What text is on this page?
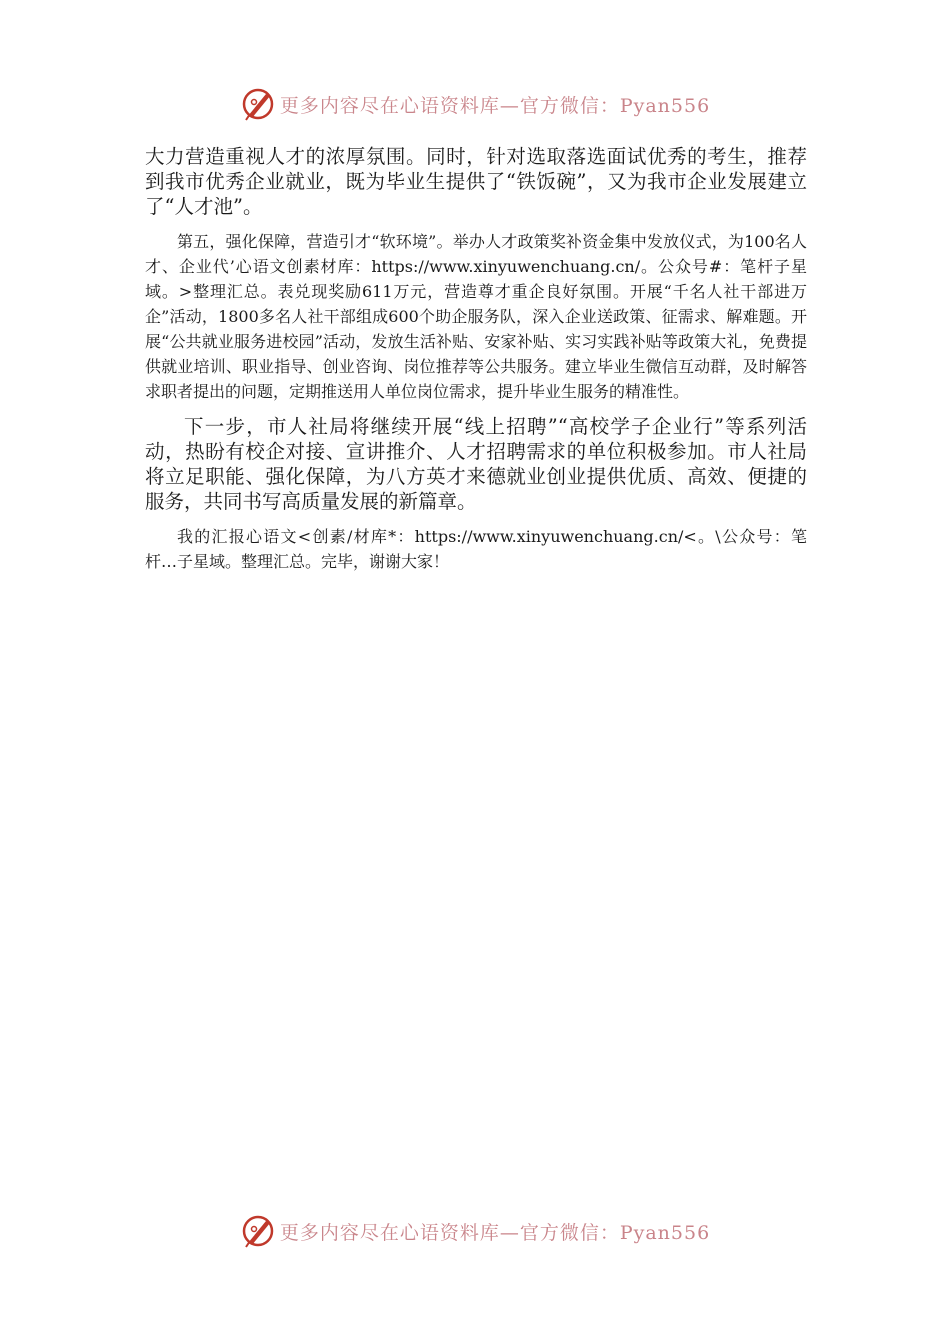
更多内容尽在心语资料库—官方微信：Pyan556

大力营造重视人才的浓厚氛围。同时，针对选取落选面试优秀的考生，推荐到我市优秀企业就业，既为毕业生提供了“铁饭碗”，又为我市企业发展建立了“人才池”。

第五，强化保障，营造引才“软环境”。举办人才政策奖补资金集中发放仪式，为100名人才、企业代’心语文创素材库：https://www.xinyuwenchuang.cn/。公众号#：笔杆子星域。>整理汇总。表兑现奖励611万元，营造尊才重企良好氛围。开展“千名人社干部进万企”活动，1800多名人社干部组成600个助企服务队，深入企业送政策、征需求、解难题。开展“公共就业服务进校园”活动，发放生活补贴、安家补贴、实习实践补贴等政策大礼，免费提供就业培训、职业指导、创业咨询、岗位推荐等公共服务。建立毕业生微信互动群，及时解答求职者提出的问题，定期推送用人单位岗位需求，提升毕业生服务的精准性。

下一步，市人社局将继续开展“线上招聘”“高校学子企业行”等系列活动，热盼有校企对接、宣讲推介、人才招聘需求的单位积极参加。市人社局将立足职能、强化保障，为八方英才来德就业创业提供优质、高效、便捷的服务，共同书写高质量发展的新篇章。

我的汇报心语文<创素/材库*：https://www.xinyuwenchuang.cn/<。\公众号：笔杆…子星域。整理汇总。完毕，谢谢大家！

更多内容尽在心语资料库—官方微信：Pyan556
